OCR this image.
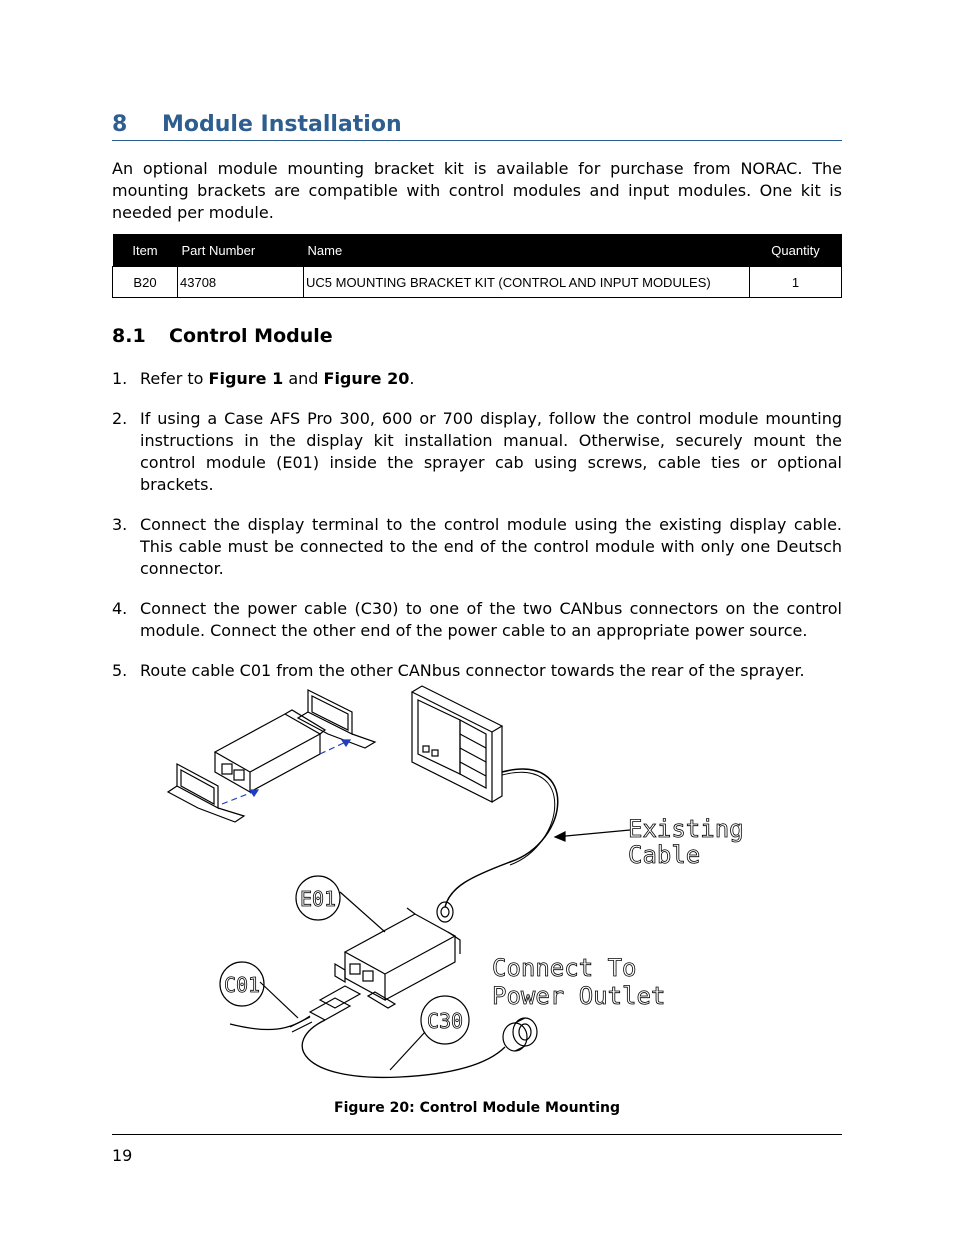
8 Module Installation

An optional module mounting bracket kit is available for purchase from NORAC. The mounting brackets are compatible with control modules and input modules. One kit is needed per module.

Item	Part Number	Name	Quantity
B20	43708	UC5 MOUNTING BRACKET KIT (CONTROL AND INPUT MODULES)	1
8.1 Control Module
1. Refer to Figure 1 and Figure 20.
2. If using a Case AFS Pro 300, 600 or 700 display, follow the control module mounting instructions in the display kit installation manual. Otherwise, securely mount the control module (E01) inside the sprayer cab using screws, cable ties or optional brackets.
3. Connect the display terminal to the control module using the existing display cable. This cable must be connected to the end of the control module with only one Deutsch connector.
4. Connect the power cable (C30) to one of the two CANbus connectors on the control module. Connect the other end of the power cable to an appropriate power source.
5. Route cable C01 from the other CANbus connector towards the rear of the sprayer.
E01
C01
C30
Existing
Cable
Connect To
Power Outlet
Figure 20: Control Module Mounting
19
